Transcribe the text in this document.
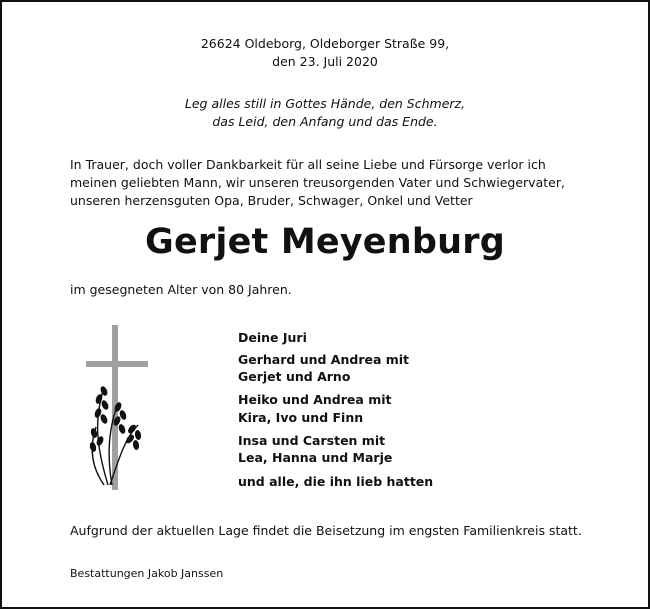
26624 Oldeborg, Oldeborger Straße 99,
den 23. Juli 2020
Leg alles still in Gottes Hände, den Schmerz,
das Leid, den Anfang und das Ende.
In Trauer, doch voller Dankbarkeit für all seine Liebe und Fürsorge verlor ich
meinen geliebten Mann, wir unseren treusorgenden Vater und Schwiegervater,
unseren herzensguten Opa, Bruder, Schwager, Onkel und Vetter
Gerjet Meyenburg
im gesegneten Alter von 80 Jahren.
Deine Juri
Gerhard und Andrea mit
Gerjet und Arno
Heiko und Andrea mit
Kira, Ivo und Finn
Insa und Carsten mit
Lea, Hanna und Marje
und alle, die ihn lieb hatten
Aufgrund der aktuellen Lage findet die Beisetzung im engsten Familienkreis statt.
Bestattungen Jakob Janssen
